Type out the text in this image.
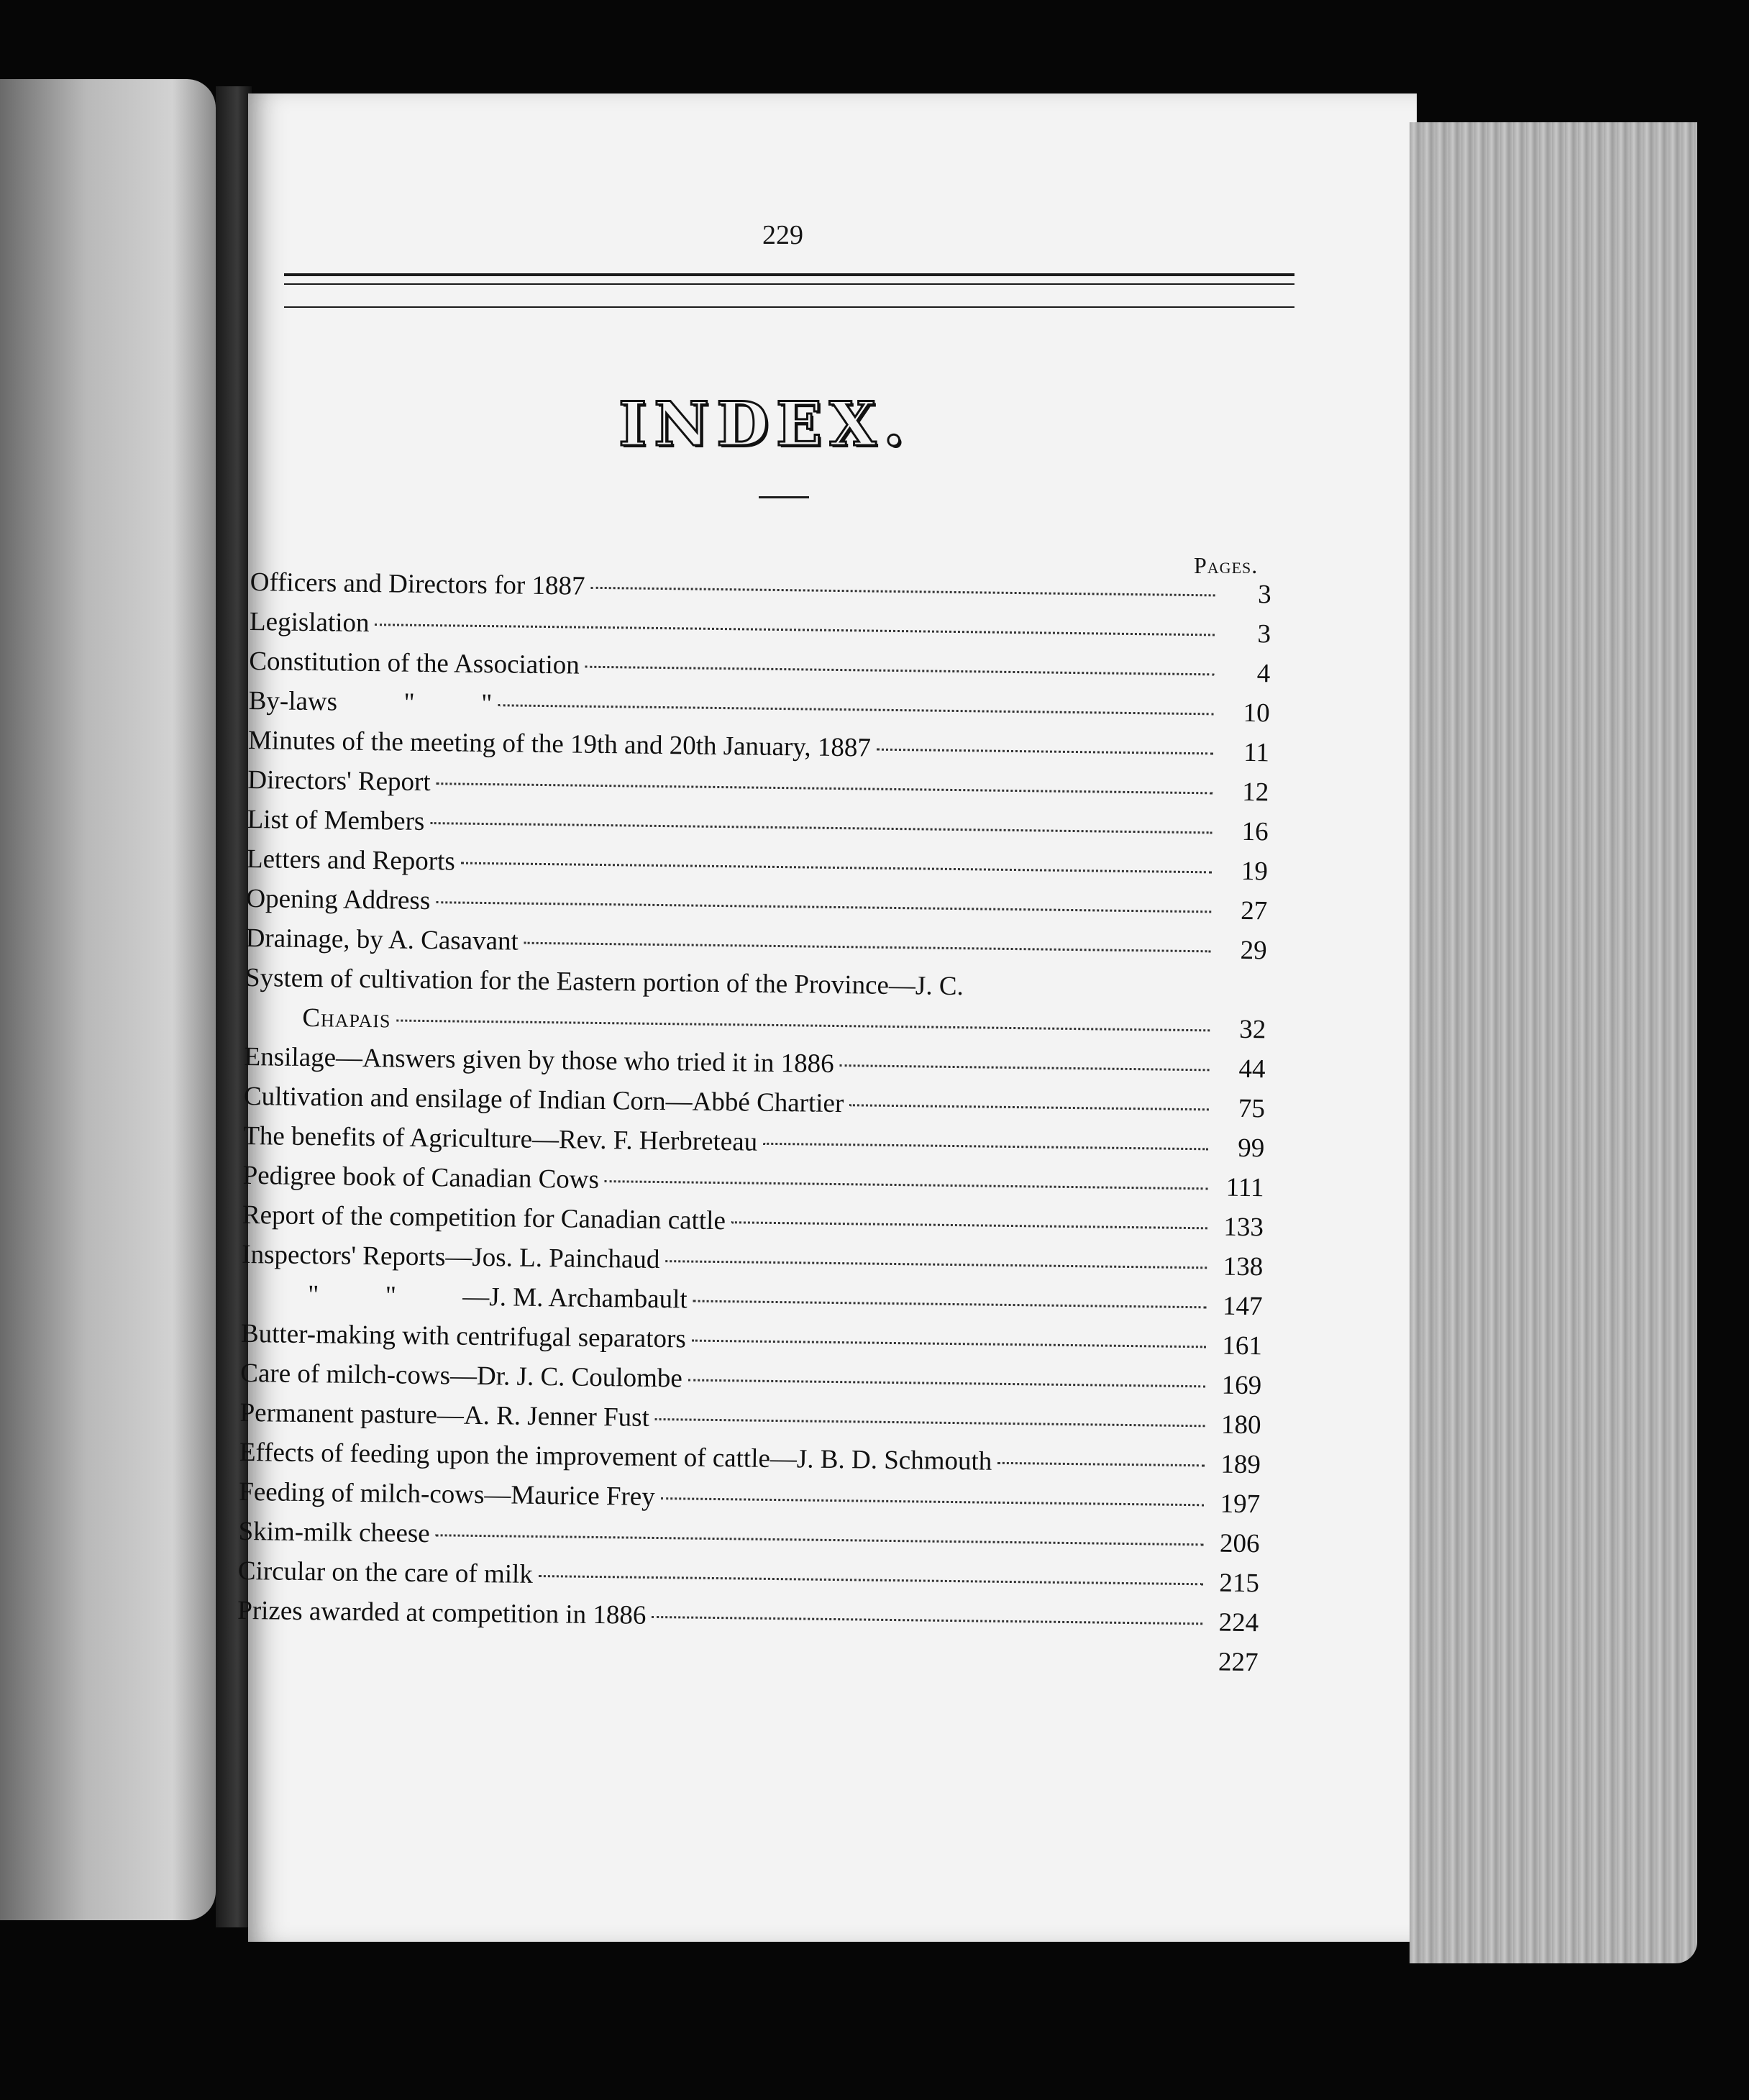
229
INDEX.
Pages.
Officers and Directors for 1887	3
Legislation	3
Constitution of the Association	4
By-laws          "          "	10
Minutes of the meeting of the 19th and 20th January, 1887	11
Directors' Report	12
List of Members	16
Letters and Reports	19
Opening Address	27
Drainage, by A. Casavant	29
System of cultivation for the Eastern portion of the Province—J. C.
Chapais	32
Ensilage—Answers given by those who tried it in 1886	44
Cultivation and ensilage of Indian Corn—Abbé Chartier	75
The benefits of Agriculture—Rev. F. Herbreteau	99
Pedigree book of Canadian Cows	111
Report of the competition for Canadian cattle	133
Inspectors' Reports—Jos. L. Painchaud	138
"          "          —J. M. Archambault	147
Butter-making with centrifugal separators	161
Care of milch-cows—Dr. J. C. Coulombe	169
Permanent pasture—A. R. Jenner Fust	180
Effects of feeding upon the improvement of cattle—J. B. D. Schmouth	189
Feeding of milch-cows—Maurice Frey	197
Skim-milk cheese	206
Circular on the care of milk	215
Prizes awarded at competition in 1886	224
227
